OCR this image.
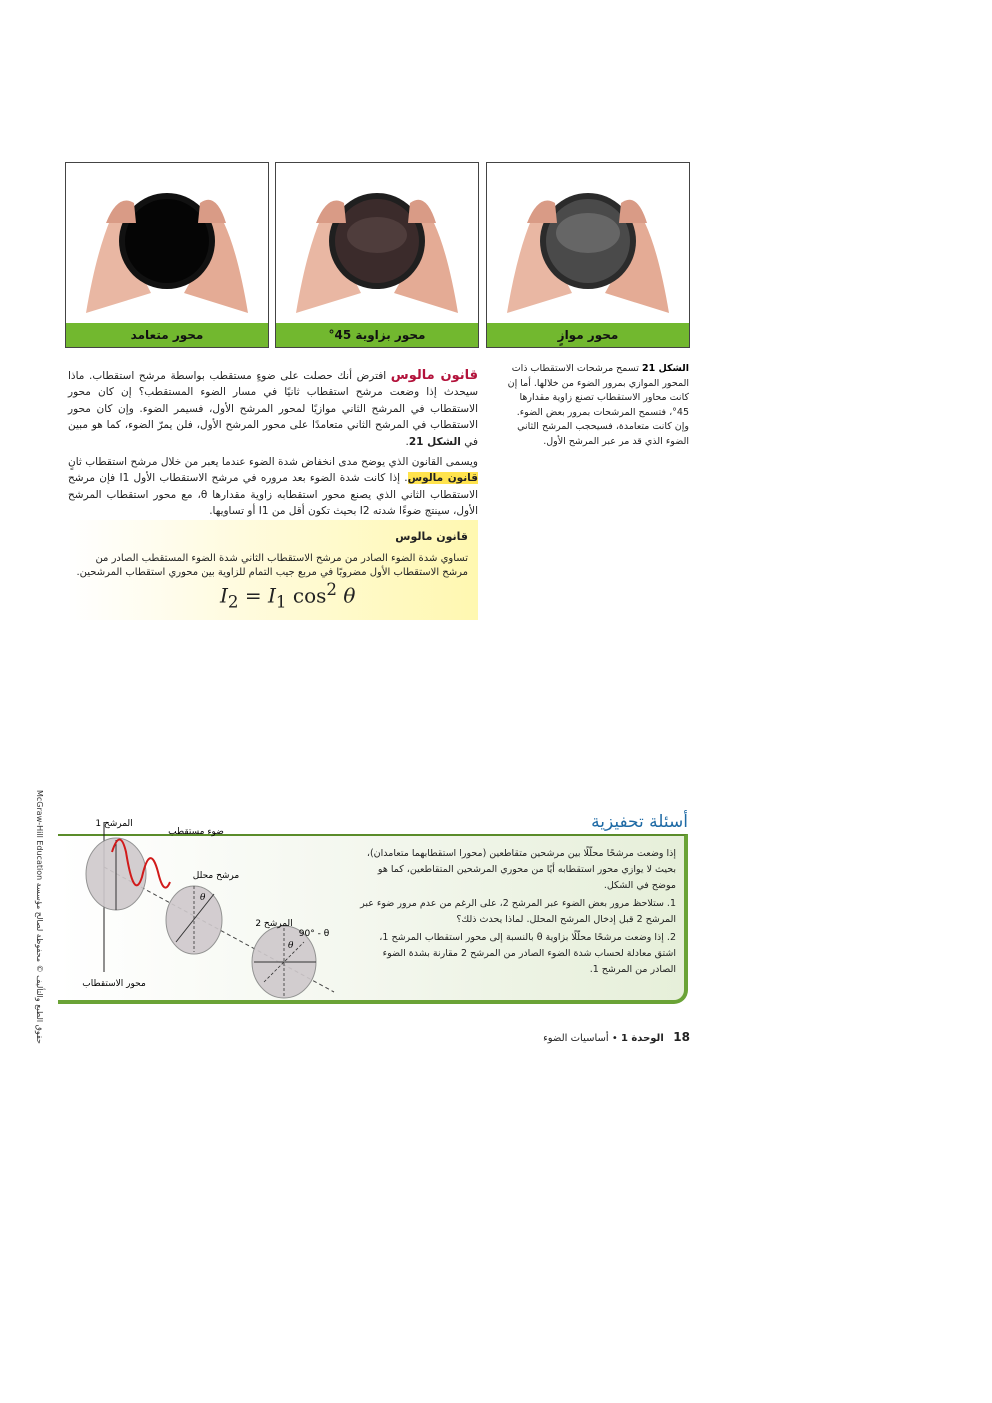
محور موازٍ
محور بزاوية 45°
محور متعامد
الشكل 21 تسمح مرشحات الاستقطاب ذات المحور الموازي بمرور الضوء من خلالها. أما إن كانت محاور الاستقطاب تصنع زاوية مقدارها 45°، فتسمح المرشحات بمرور بعض الضوء. وإن كانت متعامدة، فسيحجب المرشح الثاني الضوء الذي قد مر عبر المرشح الأول.

قانون مالوس افترض أنك حصلت على ضوءٍ مستقطب بواسطة مرشح استقطاب. ماذا سيحدث إذا وضعت مرشح استقطاب ثانيًا في مسار الضوء المستقطب؟ إن كان محور الاستقطاب في المرشح الثاني موازيًا لمحور المرشح الأول، فسيمر الضوء. وإن كان محور الاستقطاب في المرشح الثاني متعامدًا على محور المرشح الأول، فلن يمرّ الضوء، كما هو مبين في الشكل 21.

ويسمى القانون الذي يوضح مدى انخفاض شدة الضوء عندما يعبر من خلال مرشح استقطاب ثانٍ قانون مالوس. إذا كانت شدة الضوء بعد مروره في مرشح الاستقطاب الأول I1 فإن مرشح الاستقطاب الثاني الذي يصنع محور استقطابه زاوية مقدارها θ، مع محور استقطاب المرشح الأول، سينتج ضوءًا شدته I2 بحيث تكون أقل من I1 أو تساويها.

قانون مالوس
تساوي شدة الضوء الصادر من مرشح الاستقطاب الثاني شدة الضوء المستقطب الصادر من مرشح الاستقطاب الأول مضروبًا في مربع جيب التمام للزاوية بين محوري استقطاب المرشحين.
$I_2 = I_1$ $\cos^2 \theta$
McGraw-Hill Education حقوق الطبع والتأليف © محفوظة لصالح مؤسسة
أسئلة تحفيزية
المرشح 1
ضوء مستقطب
مرشح محلل
المرشح 2
90° - θ
θ
θ
محور الاستقطاب

إذا وضعت مرشحًا محلّلًا بين مرشحين متقاطعين (محورا استقطابهما متعامدان)، بحيث لا يوازي محور استقطابه أيًا من محوري المرشحين المتقاطعين، كما هو موضح في الشكل.

1. ستلاحظ مرور بعض الضوء عبر المرشح 2، على الرغم من عدم مرور ضوء عبر المرشح 2 قبل إدخال المرشح المحلل. لماذا يحدث ذلك؟

2. إذا وضعت مرشحًا محلّلًا بزاوية θ بالنسبة إلى محور استقطاب المرشح 1، اشتق معادلة لحساب شدة الضوء الصادر من المرشح 2 مقارنة بشدة الضوء الصادر من المرشح 1.

18   الوحدة 1 • أساسيات الضوء
